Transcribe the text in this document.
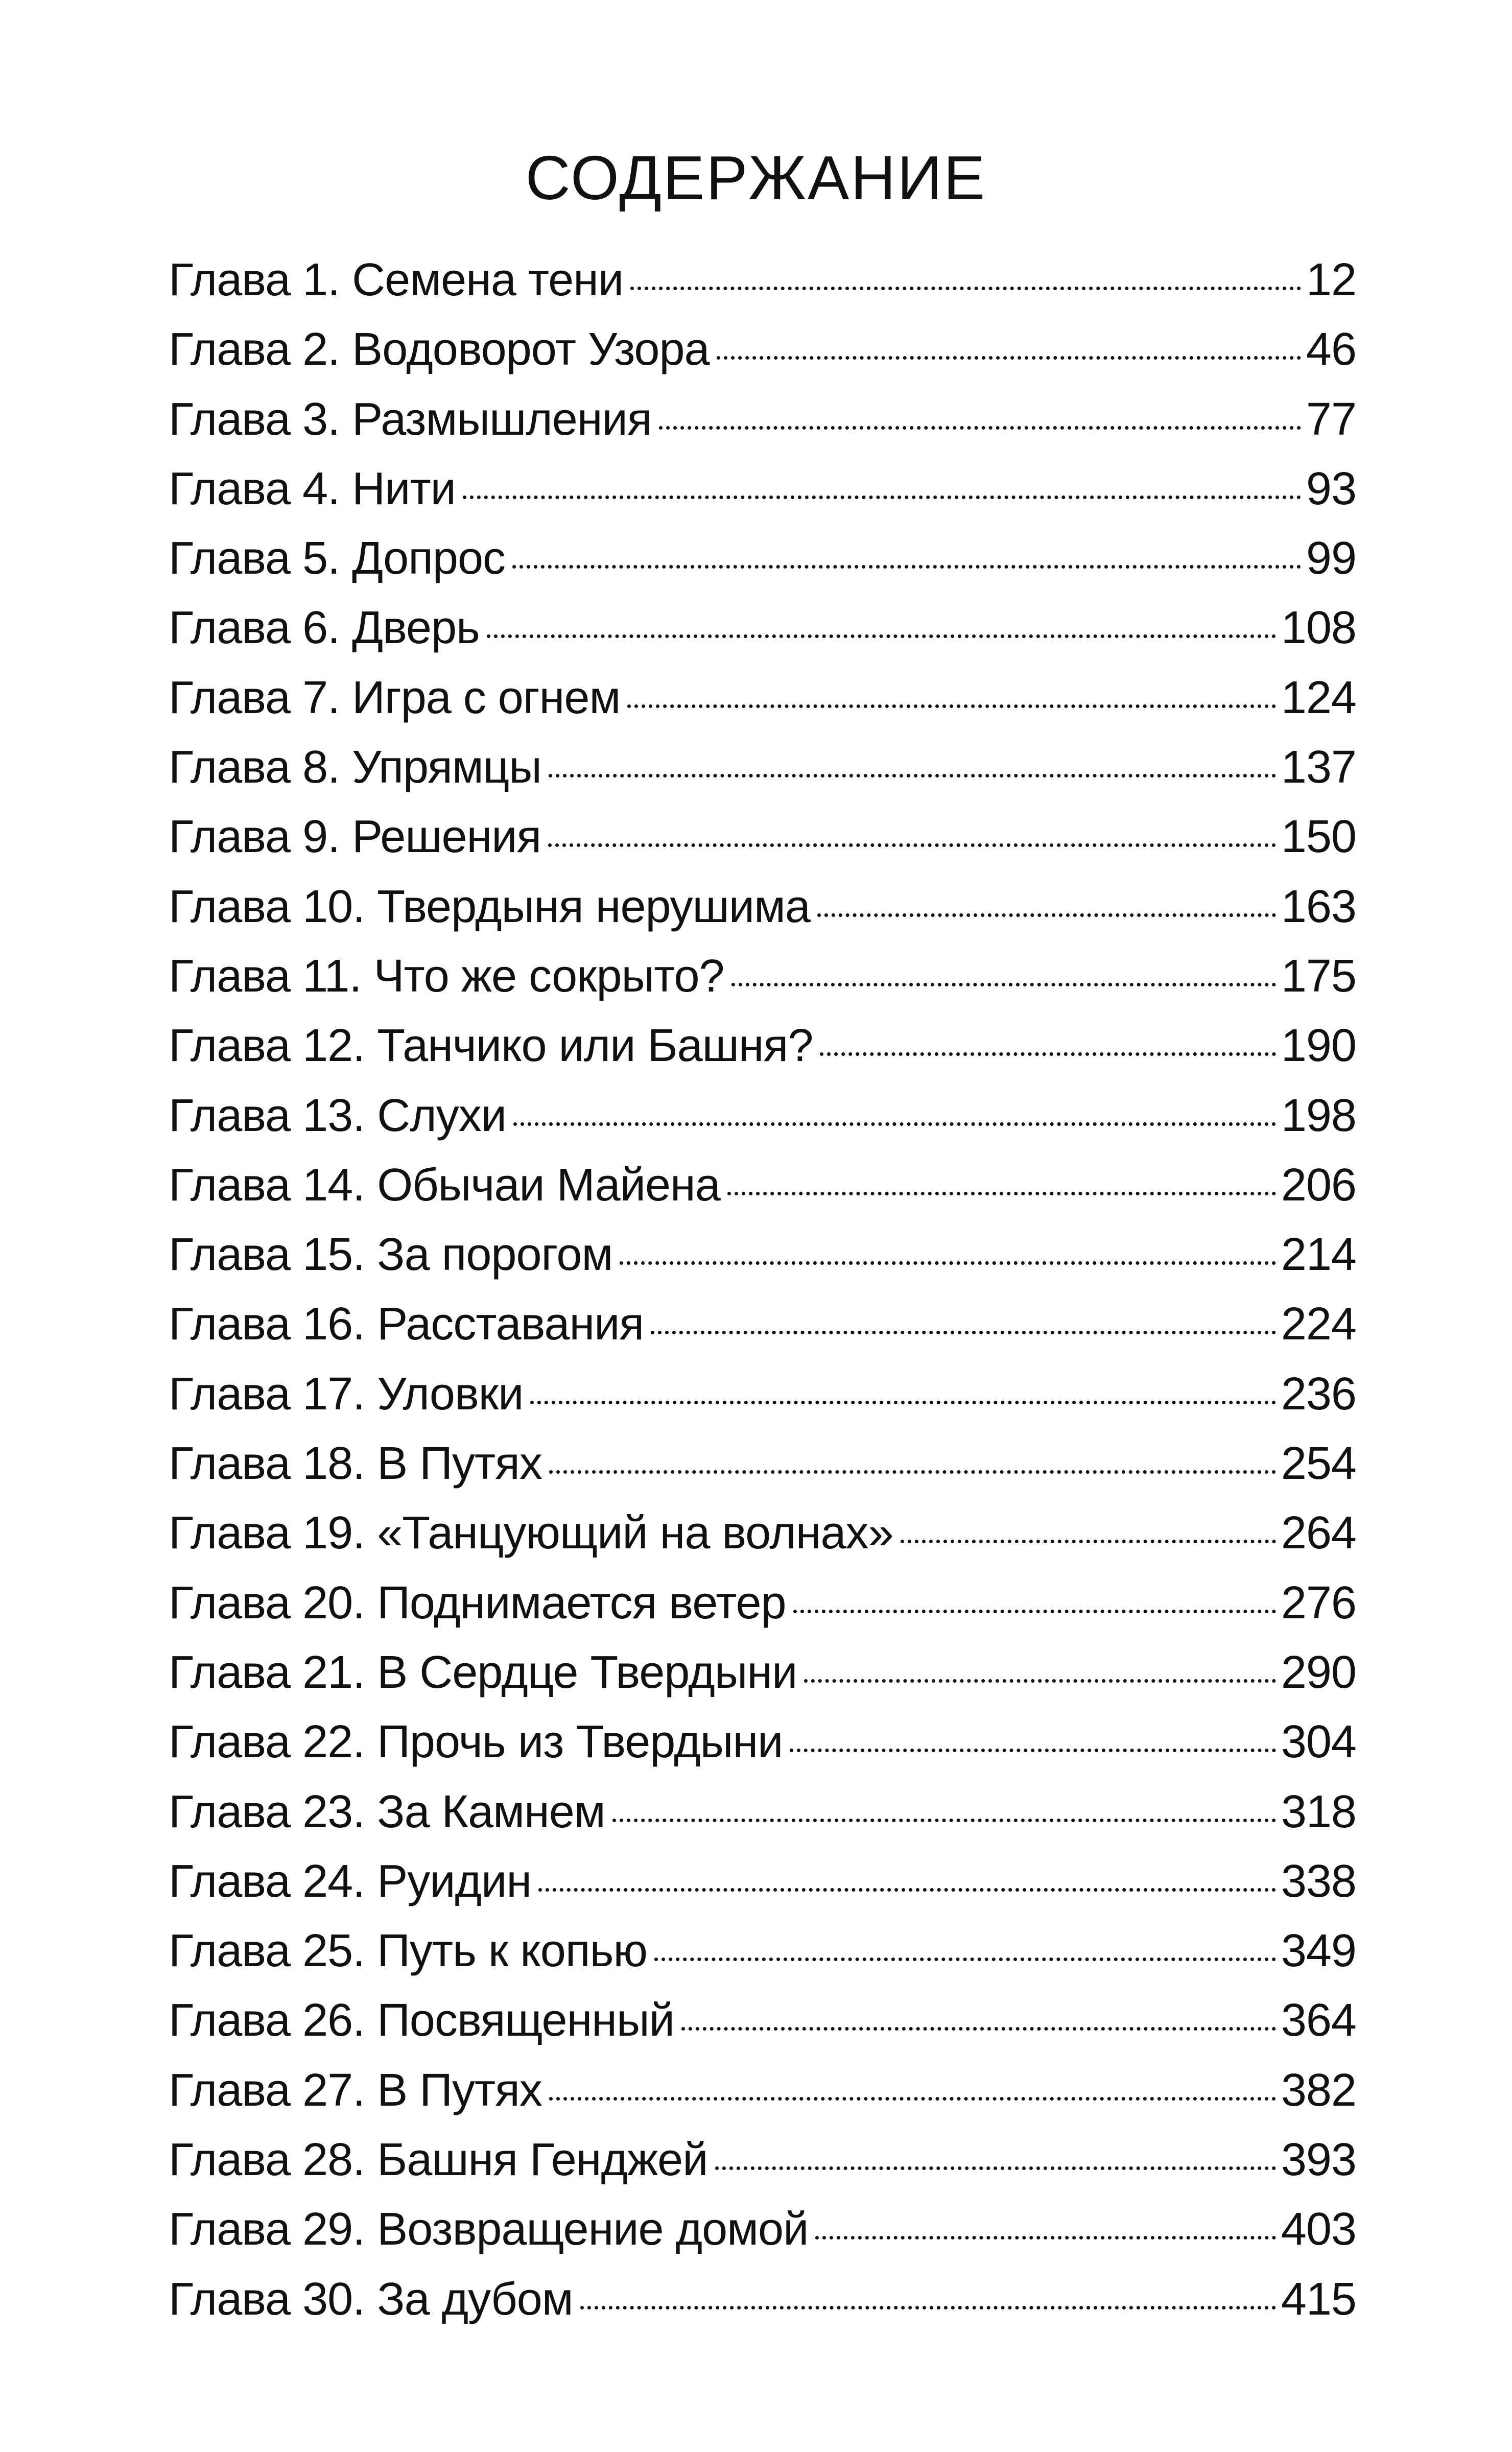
СОДЕРЖАНИЕ
Глава 1. Семена тени	12
Глава 2. Водоворот Узора	46
Глава 3. Размышления	77
Глава 4. Нити	93
Глава 5. Допрос	99
Глава 6. Дверь	108
Глава 7. Игра с огнем	124
Глава 8. Упрямцы	137
Глава 9. Решения	150
Глава 10. Твердыня нерушима	163
Глава 11. Что же сокрыто?	175
Глава 12. Танчико или Башня?	190
Глава 13. Слухи	198
Глава 14. Обычаи Майена	206
Глава 15. За порогом	214
Глава 16. Расставания	224
Глава 17. Уловки	236
Глава 18. В Путях	254
Глава 19. «Танцующий на волнах»	264
Глава 20. Поднимается ветер	276
Глава 21. В Сердце Твердыни	290
Глава 22. Прочь из Твердыни	304
Глава 23. За Камнем	318
Глава 24. Руидин	338
Глава 25. Путь к копью	349
Глава 26. Посвященный	364
Глава 27. В Путях	382
Глава 28. Башня Генджей	393
Глава 29. Возвращение домой	403
Глава 30. За дубом	415
